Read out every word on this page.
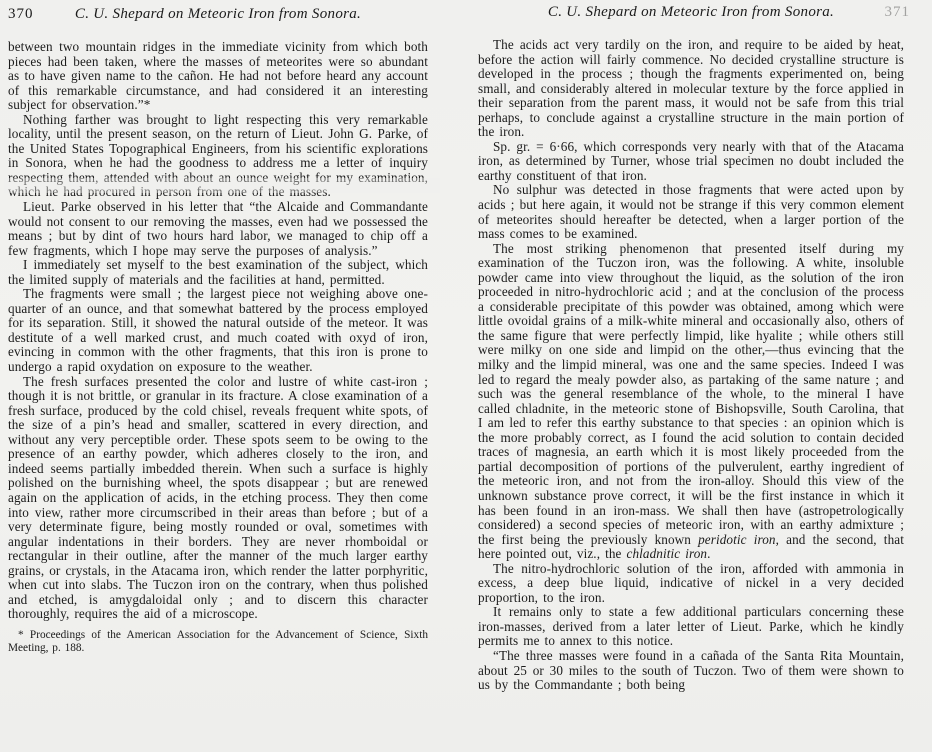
370	C. U. Shepard on Meteoric Iron from Sonora.

between two mountain ridges in the immediate vicinity from which both pieces had been taken, where the masses of meteorites were so abundant as to have given name to the cañon. He had not before heard any account of this remarkable circumstance, and had considered it an interesting subject for observation.”*

Nothing farther was brought to light respecting this very remarkable locality, until the present season, on the return of Lieut. John G. Parke, of the United States Topographical Engineers, from his scientific explorations in Sonora, when he had the goodness to address me a letter of inquiry respecting them, attended with about an ounce weight for my examination, which he had procured in person from one of the masses.

Lieut. Parke observed in his letter that “the Alcaide and Commandante would not consent to our removing the masses, even had we possessed the means ; but by dint of two hours hard labor, we managed to chip off a few fragments, which I hope may serve the purposes of analysis.”

I immediately set myself to the best examination of the subject, which the limited supply of materials and the facilities at hand, permitted.

The fragments were small ; the largest piece not weighing above one-quarter of an ounce, and that somewhat battered by the process employed for its separation. Still, it showed the natural outside of the meteor. It was destitute of a well marked crust, and much coated with oxyd of iron, evincing in common with the other fragments, that this iron is prone to undergo a rapid oxydation on exposure to the weather.

The fresh surfaces presented the color and lustre of white cast-iron ; though it is not brittle, or granular in its fracture. A close examination of a fresh surface, produced by the cold chisel, reveals frequent white spots, of the size of a pin’s head and smaller, scattered in every direction, and without any very perceptible order. These spots seem to be owing to the presence of an earthy powder, which adheres closely to the iron, and indeed seems partially imbedded therein. When such a surface is highly polished on the burnishing wheel, the spots disappear ; but are renewed again on the application of acids, in the etching process. They then come into view, rather more circumscribed in their areas than before ; but of a very determinate figure, being mostly rounded or oval, sometimes with angular indentations in their borders. They are never rhomboidal or rectangular in their outline, after the manner of the much larger earthy grains, or crystals, in the Atacama iron, which render the latter porphyritic, when cut into slabs. The Tuczon iron on the contrary, when thus polished and etched, is amygdaloidal only ; and to discern this character thoroughly, requires the aid of a microscope.

* Proceedings of the American Association for the Advancement of Science, Sixth Meeting, p. 188.
371
C. U. Shepard on Meteoric Iron from Sonora.

The acids act very tardily on the iron, and require to be aided by heat, before the action will fairly commence. No decided crystalline structure is developed in the process ; though the fragments experimented on, being small, and considerably altered in molecular texture by the force applied in their separation from the parent mass, it would not be safe from this trial perhaps, to conclude against a crystalline structure in the main portion of the iron.

Sp. gr. = 6·66, which corresponds very nearly with that of the Atacama iron, as determined by Turner, whose trial specimen no doubt included the earthy constituent of that iron.

No sulphur was detected in those fragments that were acted upon by acids ; but here again, it would not be strange if this very common element of meteorites should hereafter be detected, when a larger portion of the mass comes to be examined.

The most striking phenomenon that presented itself during my examination of the Tuczon iron, was the following. A white, insoluble powder came into view throughout the liquid, as the solution of the iron proceeded in nitro-hydrochloric acid ; and at the conclusion of the process a considerable precipitate of this powder was obtained, among which were little ovoidal grains of a milk-white mineral and occasionally also, others of the same figure that were perfectly limpid, like hyalite ; while others still were milky on one side and limpid on the other,—thus evincing that the milky and the limpid mineral, was one and the same species. Indeed I was led to regard the mealy powder also, as partaking of the same nature ; and such was the general resemblance of the whole, to the mineral I have called chladnite, in the meteoric stone of Bishopsville, South Carolina, that I am led to refer this earthy substance to that species : an opinion which is the more probably correct, as I found the acid solution to contain decided traces of magnesia, an earth which it is most likely proceeded from the partial decomposition of portions of the pulverulent, earthy ingredient of the meteoric iron, and not from the iron-alloy. Should this view of the unknown substance prove correct, it will be the first instance in which it has been found in an iron-mass. We shall then have (astropetrologically considered) a second species of meteoric iron, with an earthy admixture ; the first being the previously known peridotic iron, and the second, that here pointed out, viz., the chladnitic iron.

The nitro-hydrochloric solution of the iron, afforded with ammonia in excess, a deep blue liquid, indicative of nickel in a very decided proportion, to the iron.

It remains only to state a few additional particulars concerning these iron-masses, derived from a later letter of Lieut. Parke, which he kindly permits me to annex to this notice.

“The three masses were found in a cañada of the Santa Rita Mountain, about 25 or 30 miles to the south of Tuczon. Two of them were shown to us by the Commandante ; both being
